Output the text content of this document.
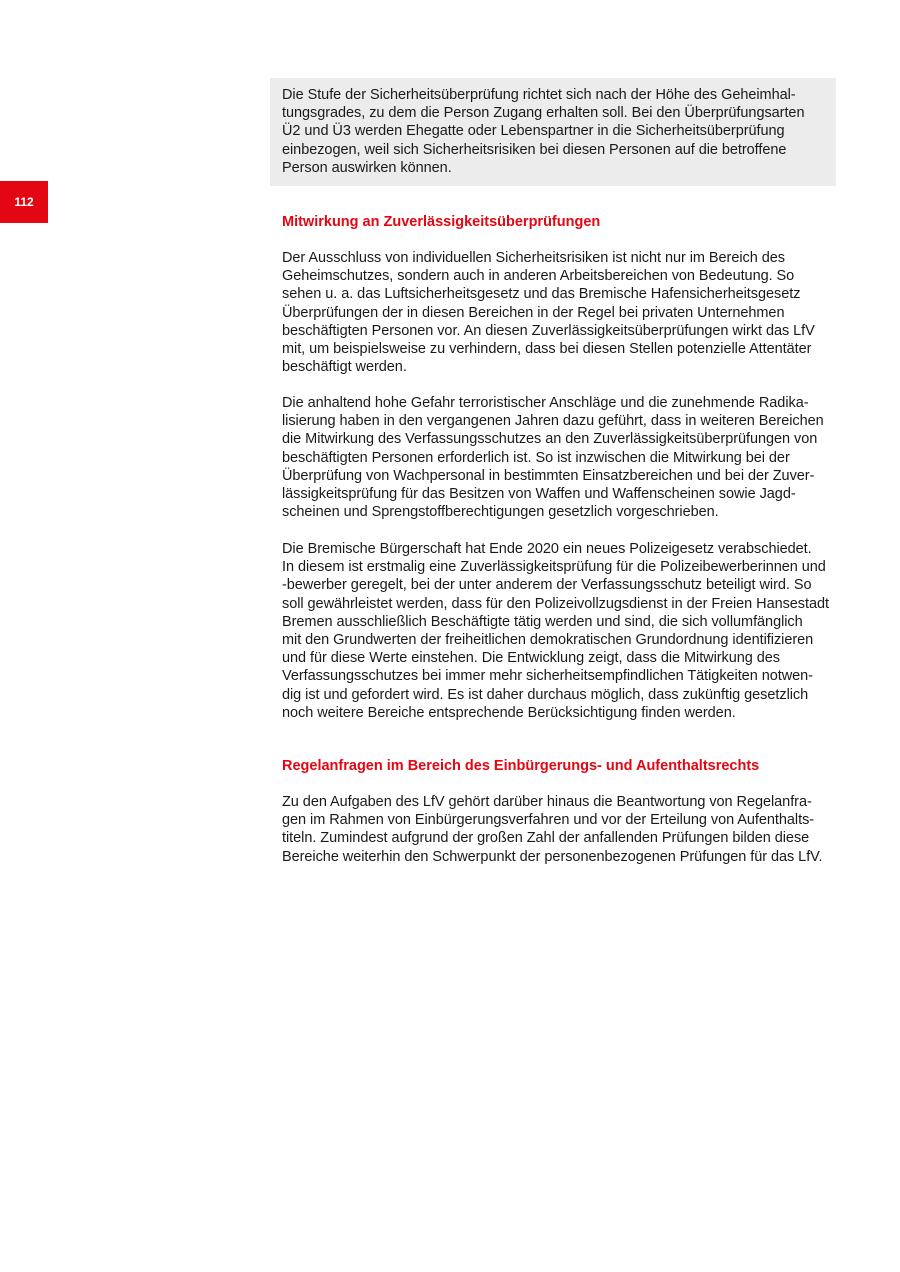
112

Die Stufe der Sicherheitsüberprüfung richtet sich nach der Höhe des Geheimhal-
tungsgrades, zu dem die Person Zugang erhalten soll. Bei den Überprüfungsarten
Ü2 und Ü3 werden Ehegatte oder Lebenspartner in die Sicherheitsüberprüfung
einbezogen, weil sich Sicherheitsrisiken bei diesen Personen auf die betroffene
Person auswirken können.

Mitwirkung an Zuverlässigkeitsüberprüfungen

Der Ausschluss von individuellen Sicherheitsrisiken ist nicht nur im Bereich des
Geheimschutzes, sondern auch in anderen Arbeitsbereichen von Bedeutung. So
sehen u. a. das Luftsicherheitsgesetz und das Bremische Hafensicherheitsgesetz
Überprüfungen der in diesen Bereichen in der Regel bei privaten Unternehmen
beschäftigten Personen vor. An diesen Zuverlässigkeitsüberprüfungen wirkt das LfV
mit, um beispielsweise zu verhindern, dass bei diesen Stellen potenzielle Attentäter
beschäftigt werden.

Die anhaltend hohe Gefahr terroristischer Anschläge und die zunehmende Radika-
lisierung haben in den vergangenen Jahren dazu geführt, dass in weiteren Bereichen
die Mitwirkung des Verfassungsschutzes an den Zuverlässigkeitsüberprüfungen von
beschäftigten Personen erforderlich ist. So ist inzwischen die Mitwirkung bei der
Überprüfung von Wachpersonal in bestimmten Einsatzbereichen und bei der Zuver-
lässigkeitsprüfung für das Besitzen von Waffen und Waffenscheinen sowie Jagd-
scheinen und Sprengstoffberechtigungen gesetzlich vorgeschrieben.

Die Bremische Bürgerschaft hat Ende 2020 ein neues Polizeigesetz verabschiedet.
In diesem ist erstmalig eine Zuverlässigkeitsprüfung für die Polizeibewerberinnen und
-bewerber geregelt, bei der unter anderem der Verfassungsschutz beteiligt wird. So
soll gewährleistet werden, dass für den Polizeivollzugsdienst in der Freien Hansestadt
Bremen ausschließlich Beschäftigte tätig werden und sind, die sich vollumfänglich
mit den Grundwerten der freiheitlichen demokratischen Grundordnung identifizieren
und für diese Werte einstehen. Die Entwicklung zeigt, dass die Mitwirkung des
Verfassungsschutzes bei immer mehr sicherheitsempfindlichen Tätigkeiten notwen-
dig ist und gefordert wird. Es ist daher durchaus möglich, dass zukünftig gesetzlich
noch weitere Bereiche entsprechende Berücksichtigung finden werden.

Regelanfragen im Bereich des Einbürgerungs- und Aufenthaltsrechts

Zu den Aufgaben des LfV gehört darüber hinaus die Beantwortung von Regelanfra-
gen im Rahmen von Einbürgerungsverfahren und vor der Erteilung von Aufenthalts-
titeln. Zumindest aufgrund der großen Zahl der anfallenden Prüfungen bilden diese
Bereiche weiterhin den Schwerpunkt der personenbezogenen Prüfungen für das LfV.
